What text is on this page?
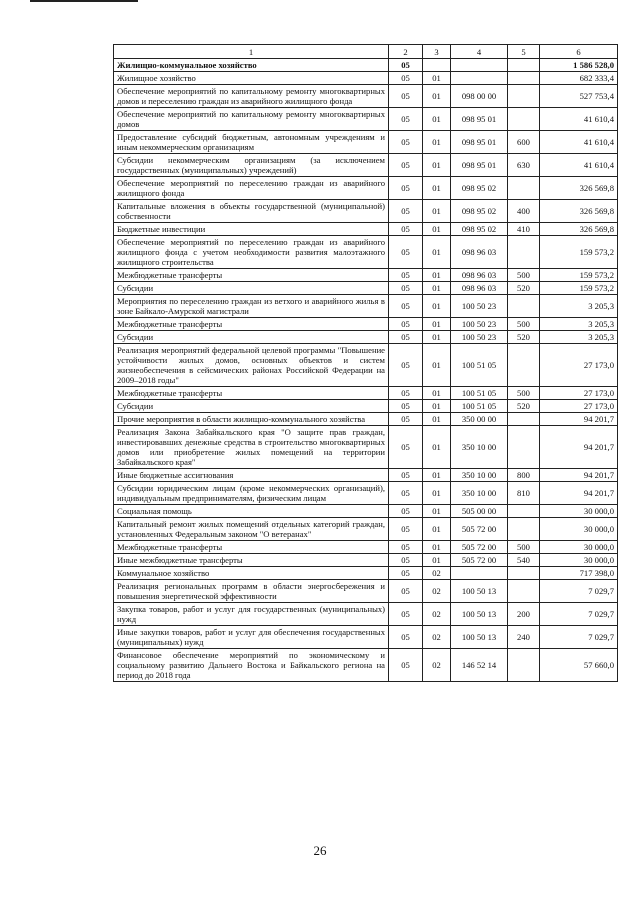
1	2	3	4	5	6
Жилищно-коммунальное хозяйство	05				1 586 528,0
Жилищное хозяйство	05	01			682 333,4
Обеспечение мероприятий по капитальному ремонту многоквартирных домов и переселению граждан из аварийного жилищного фонда	05	01	098 00 00		527 753,4
Обеспечение мероприятий по капитальному ремонту многоквартирных домов	05	01	098 95 01		41 610,4
Предоставление субсидий бюджетным, автономным учреждениям и иным некоммерческим организациям	05	01	098 95 01	600	41 610,4
Субсидии некоммерческим организациям (за исключением государственных (муниципальных) учреждений)	05	01	098 95 01	630	41 610,4
Обеспечение мероприятий по переселению граждан из аварийного жилищного фонда	05	01	098 95 02		326 569,8
Капитальные вложения в объекты государственной (муниципальной) собственности	05	01	098 95 02	400	326 569,8
Бюджетные инвестиции	05	01	098 95 02	410	326 569,8
Обеспечение мероприятий по переселению граждан из аварийного жилищного фонда с учетом необходимости развития малоэтажного жилищного строительства	05	01	098 96 03		159 573,2
Межбюджетные трансферты	05	01	098 96 03	500	159 573,2
Субсидии	05	01	098 96 03	520	159 573,2
Мероприятия по переселению граждан из ветхого и аварийного жилья в зоне Байкало-Амурской магистрали	05	01	100 50 23		3 205,3
Межбюджетные трансферты	05	01	100 50 23	500	3 205,3
Субсидии	05	01	100 50 23	520	3 205,3
Реализация мероприятий федеральной целевой программы "Повышение устойчивости жилых домов, основных объектов и систем жизнеобеспечения в сейсмических районах Российской Федерации на 2009–2018 годы"	05	01	100 51 05		27 173,0
Межбюджетные трансферты	05	01	100 51 05	500	27 173,0
Субсидии	05	01	100 51 05	520	27 173,0
Прочие мероприятия в области жилищно-коммунального хозяйства	05	01	350 00 00		94 201,7
Реализация Закона Забайкальского края "О защите прав граждан, инвестировавших денежные средства в строительство многоквартирных домов или приобретение жилых помещений на территории Забайкальского края"	05	01	350 10 00		94 201,7
Иные бюджетные ассигнования	05	01	350 10 00	800	94 201,7
Субсидии юридическим лицам (кроме некоммерческих организаций), индивидуальным предпринимателям, физическим лицам	05	01	350 10 00	810	94 201,7
Социальная помощь	05	01	505 00 00		30 000,0
Капитальный ремонт жилых помещений отдельных категорий граждан, установленных Федеральным законом "О ветеранах"	05	01	505 72 00		30 000,0
Межбюджетные трансферты	05	01	505 72 00	500	30 000,0
Иные межбюджетные трансферты	05	01	505 72 00	540	30 000,0
Коммунальное хозяйство	05	02			717 398,0
Реализация региональных программ в области энергосбережения и повышения энергетической эффективности	05	02	100 50 13		7 029,7
Закупка товаров, работ и услуг для государственных (муниципальных) нужд	05	02	100 50 13	200	7 029,7
Иные закупки товаров, работ и услуг для обеспечения государственных (муниципальных) нужд	05	02	100 50 13	240	7 029,7
Финансовое обеспечение мероприятий по экономическому и социальному развитию Дальнего Востока и Байкальского региона на период до 2018 года	05	02	146 52 14		57 660,0
26
